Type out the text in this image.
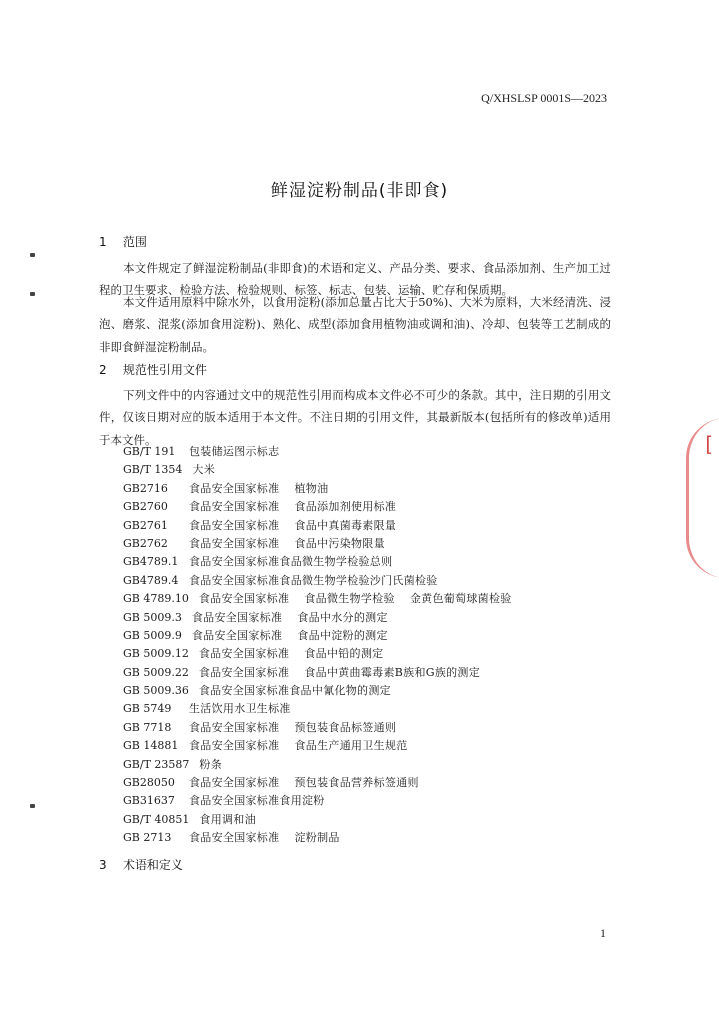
Q/XHSLSP 0001S—2023
鲜湿淀粉制品(非即食)
1 范围
本文件规定了鲜湿淀粉制品(非即食)的术语和定义、产品分类、要求、食品添加剂、生产加工过程的卫生要求、检验方法、检验规则、标签、标志、包装、运输、贮存和保质期。
本文件适用原料中除水外，以食用淀粉(添加总量占比大于50%)、大米为原料，大米经清洗、浸泡、磨浆、混浆(添加食用淀粉)、熟化、成型(添加食用植物油或调和油)、冷却、包装等工艺制成的非即食鲜湿淀粉制品。
2 规范性引用文件
下列文件中的内容通过文中的规范性引用而构成本文件必不可少的条款。其中，注日期的引用文件，仅该日期对应的版本适用于本文件。不注日期的引用文件，其最新版本(包括所有的修改单)适用于本文件。
GB/T 191 包装储运图示标志
GB/T 1354 大米
GB2716 食品安全国家标准　 植物油
GB2760 食品安全国家标准　 食品添加剂使用标准
GB2761 食品安全国家标准　 食品中真菌毒素限量
GB2762 食品安全国家标准　 食品中污染物限量
GB4789.1 食品安全国家标准食品微生物学检验总则
GB4789.4 食品安全国家标准食品微生物学检验沙门氏菌检验
GB 4789.10 食品安全国家标准　 食品微生物学检验　 金黄色葡萄球菌检验
GB 5009.3 食品安全国家标准　 食品中水分的测定
GB 5009.9 食品安全国家标准　 食品中淀粉的测定
GB 5009.12 食品安全国家标准　 食品中铅的测定
GB 5009.22 食品安全国家标准　 食品中黄曲霉毒素B族和G族的测定
GB 5009.36 食品安全国家标准食品中氰化物的测定
GB 5749 生活饮用水卫生标准
GB 7718 食品安全国家标准　 预包装食品标签通则
GB 14881 食品安全国家标准　 食品生产通用卫生规范
GB/T 23587 粉条
GB28050 食品安全国家标准　 预包装食品营养标签通则
GB31637 食品安全国家标准食用淀粉
GB/T 40851 食用调和油
GB 2713 食品安全国家标准　 淀粉制品
3 术语和定义
1
[
